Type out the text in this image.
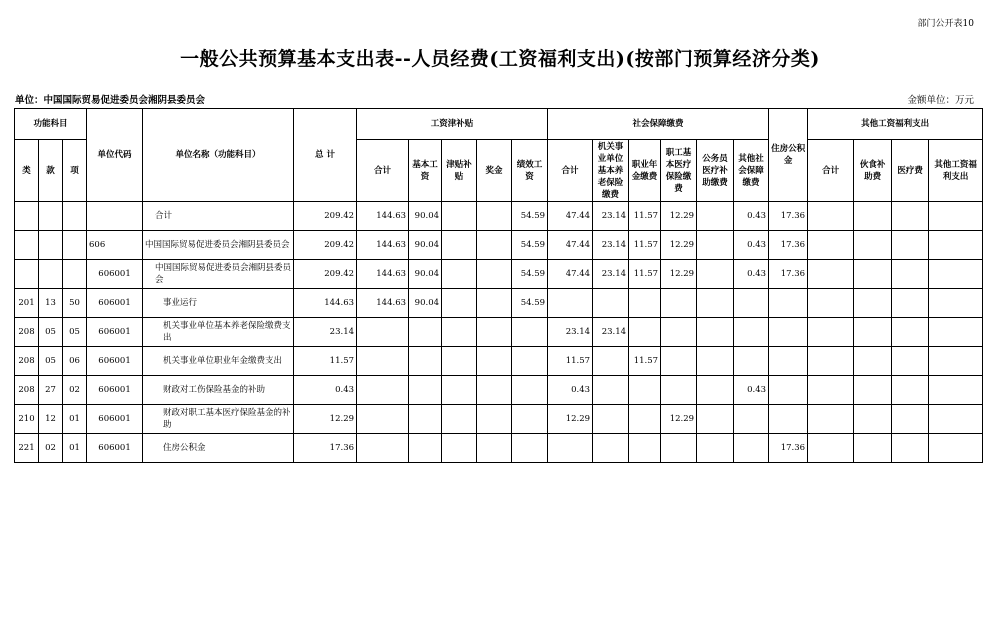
部门公开表10
一般公共预算基本支出表--人员经费(工资福利支出)(按部门预算经济分类)
单位：中国国际贸易促进委员会湘阴县委员会	金额单位：万元
功能科目			单位代码	单位名称（功能科目）	总 计	工资津补贴					社会保障缴费						住房公积金	其他工资福利支出			
类	款	项				合计	基本工资	津贴补贴	奖金	绩效工资	合计	机关事业单位基本养老保险缴费	职业年金缴费	职工基本医疗保险缴费	公务员医疗补助缴费	其他社会保障缴费		合计	伙食补助费	医疗费	其他工资福利支出
				合计	209.42	144.63	90.04			54.59	47.44	23.14	11.57	12.29		0.43	17.36				
			606	中国国际贸易促进委员会湘阴县委员会	209.42	144.63	90.04			54.59	47.44	23.14	11.57	12.29		0.43	17.36				
			606001	中国国际贸易促进委员会湘阴县委员会	209.42	144.63	90.04			54.59	47.44	23.14	11.57	12.29		0.43	17.36				
201	13	50	606001	事业运行	144.63	144.63	90.04			54.59											
208	05	05	606001	机关事业单位基本养老保险缴费支出	23.14						23.14	23.14									
208	05	06	606001	机关事业单位职业年金缴费支出	11.57						11.57		11.57								
208	27	02	606001	财政对工伤保险基金的补助	0.43						0.43					0.43					
210	12	01	606001	财政对职工基本医疗保险基金的补助	12.29						12.29			12.29							
221	02	01	606001	住房公积金	17.36												17.36				
